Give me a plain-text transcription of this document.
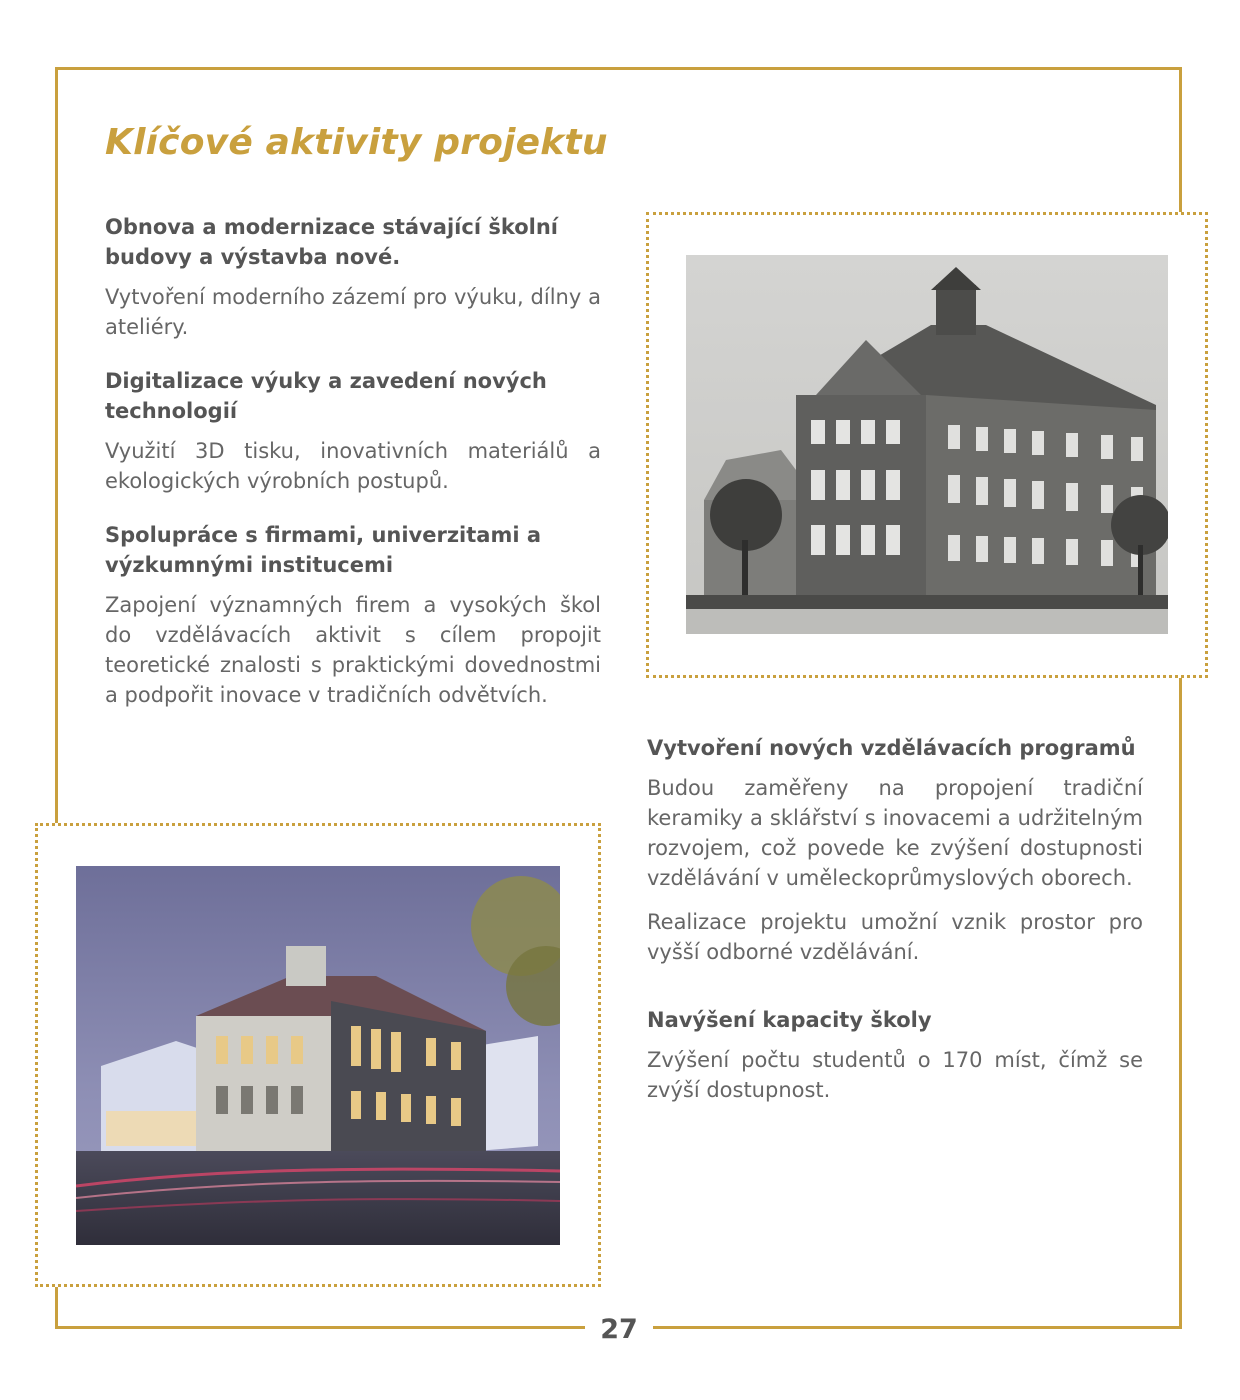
27
Klíčové aktivity projektu

Obnova a modernizace stávající školní budovy a výstavba nové.

Vytvoření moderního zázemí pro výuku, dílny a ateliéry.

Digitalizace výuky a zavedení nových technologií

Využití 3D tisku, inovativních materiálů a ekologických výrobních postupů.

Spolupráce s firmami, univerzitami a výzkumnými institucemi

Zapojení významných firem a vysokých škol do vzdělávacích aktivit s cílem propojit teoretické znalosti s praktickými dovednostmi a podpořit inovace v tradičních odvětvích.

Vytvoření nových vzdělávacích programů

Budou zaměřeny na propojení tradiční keramiky a sklářství s inovacemi a udržitelným rozvojem, což povede ke zvýšení dostupnosti vzdělávání v uměleckoprůmyslových oborech.

Realizace projektu umožní vznik prostor pro vyšší odborné vzdělávání.

Navýšení kapacity školy

Zvýšení počtu studentů o 170 míst, čímž se zvýší dostupnost.
